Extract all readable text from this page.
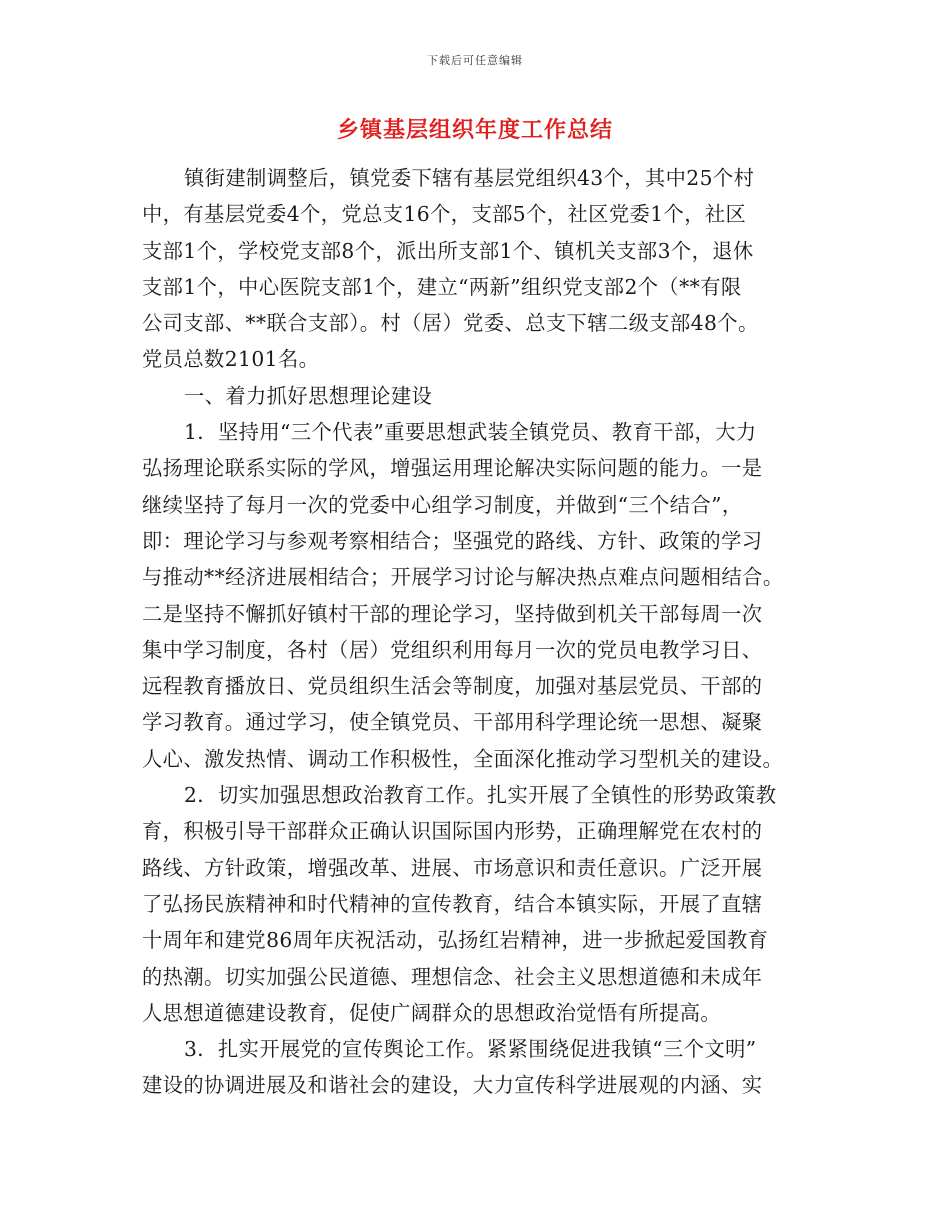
下载后可任意编辑
乡镇基层组织年度工作总结
镇街建制调整后，镇党委下辖有基层党组织43个，其中25个村
中，有基层党委4个，党总支16个，支部5个，社区党委1个，社区
支部1个，学校党支部8个，派出所支部1个、镇机关支部3个，退休
支部1个，中心医院支部1个，建立“两新”组织党支部2个（**有限
公司支部、**联合支部）。村（居）党委、总支下辖二级支部48个。
党员总数2101名。
一、着力抓好思想理论建设
1．坚持用“三个代表”重要思想武装全镇党员、教育干部，大力
弘扬理论联系实际的学风，增强运用理论解决实际问题的能力。一是
继续坚持了每月一次的党委中心组学习制度，并做到“三个结合”，
即：理论学习与参观考察相结合；坚强党的路线、方针、政策的学习
与推动**经济进展相结合；开展学习讨论与解决热点难点问题相结合。
二是坚持不懈抓好镇村干部的理论学习，坚持做到机关干部每周一次
集中学习制度，各村（居）党组织利用每月一次的党员电教学习日、
远程教育播放日、党员组织生活会等制度，加强对基层党员、干部的
学习教育。通过学习，使全镇党员、干部用科学理论统一思想、凝聚
人心、激发热情、调动工作积极性，全面深化推动学习型机关的建设。
2．切实加强思想政治教育工作。扎实开展了全镇性的形势政策教
育，积极引导干部群众正确认识国际国内形势，正确理解党在农村的
路线、方针政策，增强改革、进展、市场意识和责任意识。广泛开展
了弘扬民族精神和时代精神的宣传教育，结合本镇实际，开展了直辖
十周年和建党86周年庆祝活动，弘扬红岩精神，进一步掀起爱国教育
的热潮。切实加强公民道德、理想信念、社会主义思想道德和未成年
人思想道德建设教育，促使广阔群众的思想政治觉悟有所提高。
3．扎实开展党的宣传舆论工作。紧紧围绕促进我镇“三个文明”
建设的协调进展及和谐社会的建设，大力宣传科学进展观的内涵、实
